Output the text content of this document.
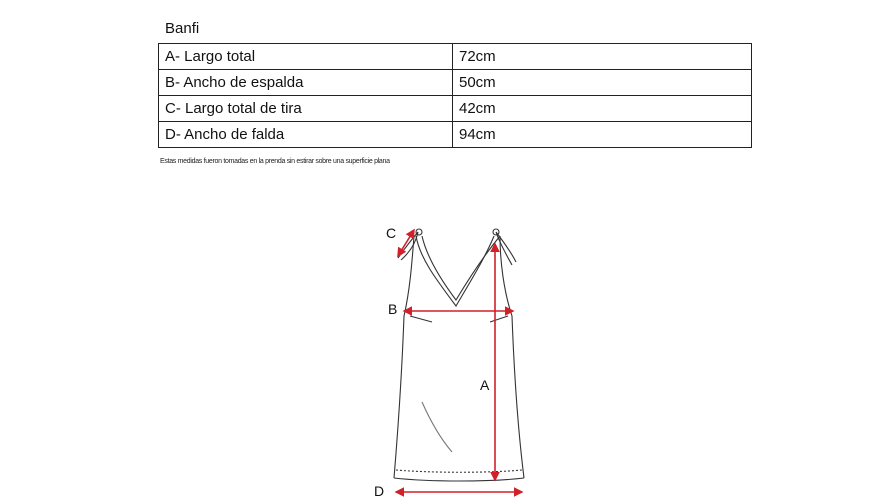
Banfi
A- Largo total	72cm
B- Ancho de espalda	50cm
C- Largo total de tira	42cm
D- Ancho de falda	94cm
Estas medidas fueron tomadas en la prenda sin estirar sobre una superficie plana
A
B
C
D
